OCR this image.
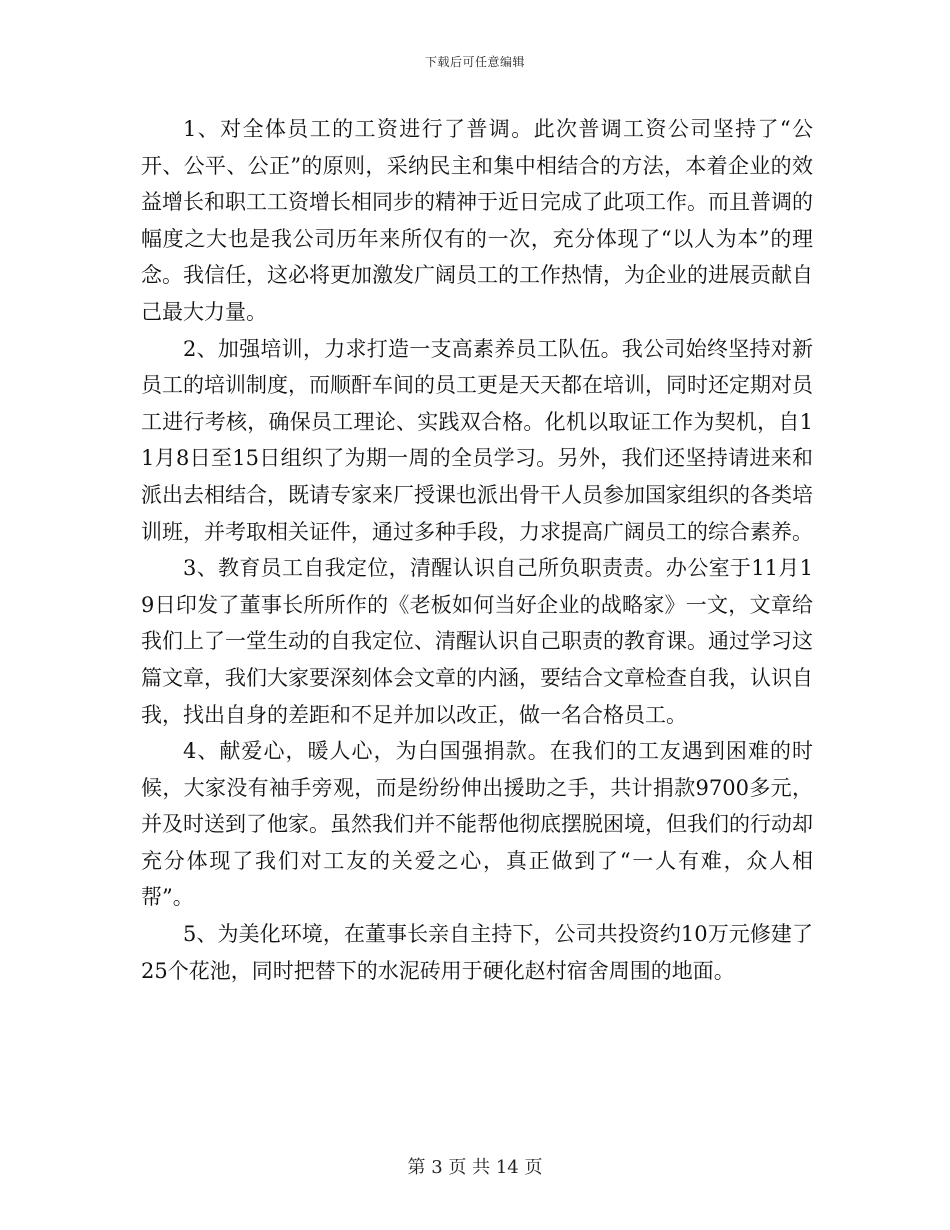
下载后可任意编辑

1、对全体员工的工资进行了普调。此次普调工资公司坚持了“公开、公平、公正”的原则，采纳民主和集中相结合的方法，本着企业的效益增长和职工工资增长相同步的精神于近日完成了此项工作。而且普调的幅度之大也是我公司历年来所仅有的一次，充分体现了“以人为本”的理念。我信任，这必将更加激发广阔员工的工作热情，为企业的进展贡献自己最大力量。

2、加强培训，力求打造一支高素养员工队伍。我公司始终坚持对新员工的培训制度，而顺酐车间的员工更是天天都在培训，同时还定期对员工进行考核，确保员工理论、实践双合格。化机以取证工作为契机，自11月8日至15日组织了为期一周的全员学习。另外，我们还坚持请进来和派出去相结合，既请专家来厂授课也派出骨干人员参加国家组织的各类培训班，并考取相关证件，通过多种手段，力求提高广阔员工的综合素养。

3、教育员工自我定位，清醒认识自己所负职责责。办公室于11月19日印发了董事长所所作的《老板如何当好企业的战略家》一文，文章给我们上了一堂生动的自我定位、清醒认识自己职责的教育课。通过学习这篇文章，我们大家要深刻体会文章的内涵，要结合文章检查自我，认识自我，找出自身的差距和不足并加以改正，做一名合格员工。

4、献爱心，暖人心，为白国强捐款。在我们的工友遇到困难的时候，大家没有袖手旁观，而是纷纷伸出援助之手，共计捐款9700多元，并及时送到了他家。虽然我们并不能帮他彻底摆脱困境，但我们的行动却充分体现了我们对工友的关爱之心，真正做到了“一人有难，众人相帮”。

5、为美化环境，在董事长亲自主持下，公司共投资约10万元修建了25个花池，同时把替下的水泥砖用于硬化赵村宿舍周围的地面。

第 3 页 共 14 页
